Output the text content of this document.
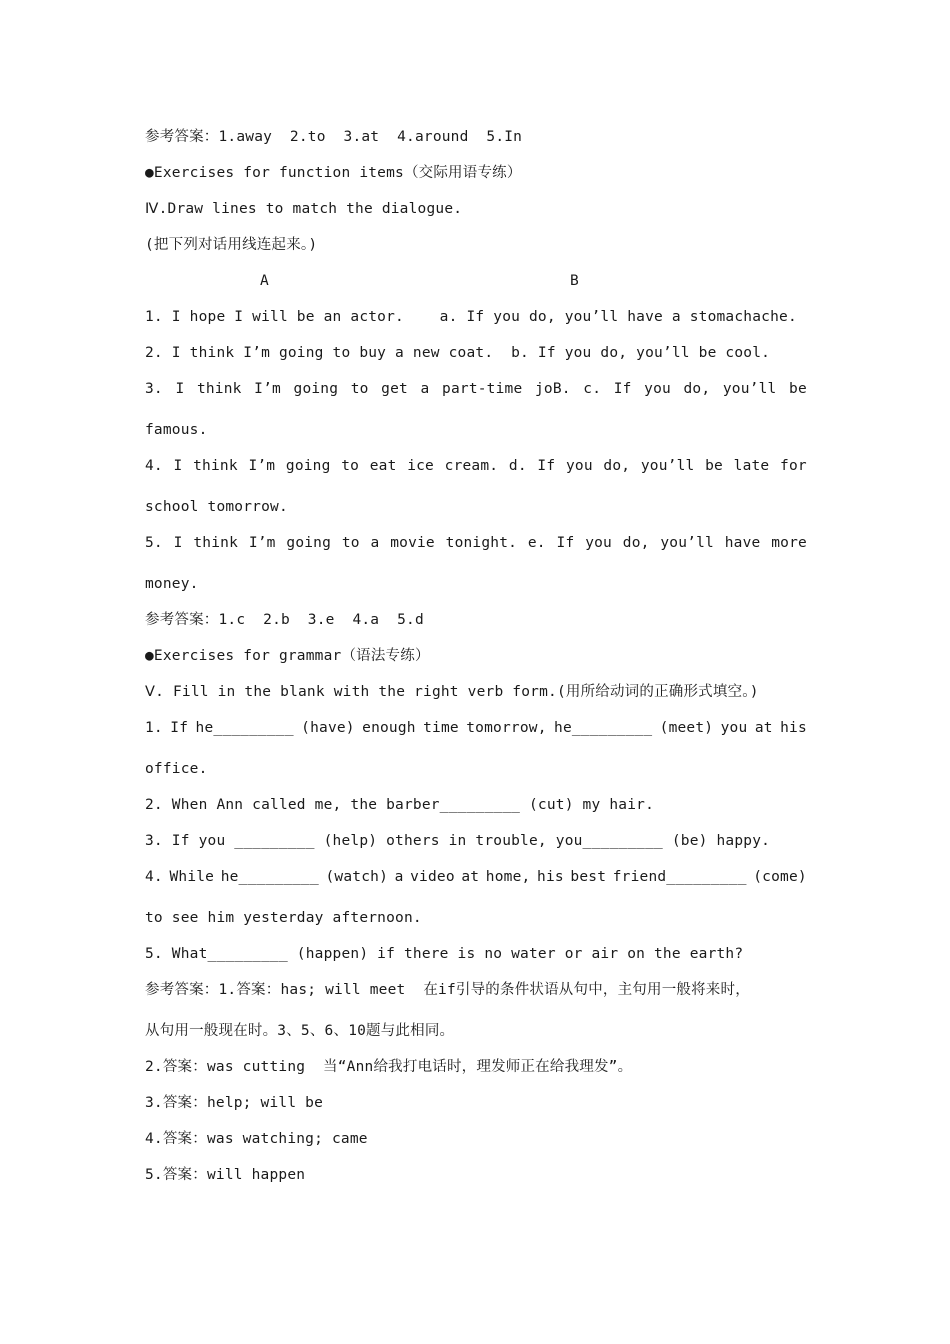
参考答案：1.away  2.to  3.at  4.around  5.In
●Exercises for function items（交际用语专练）
Ⅳ.Draw lines to match the dialogue.
(把下列对话用线连起来。)
A	B
1. I hope I will be an actor.    a. If you do, you’ll have a stomachache.
2. I think I’m going to buy a new coat.  b. If you do, you’ll be cool.
3. I think I’m going to get a part-time joB. c. If you do, you’ll be
famous.
4. I think I’m going to eat ice cream. d. If you do, you’ll be late for
school tomorrow.
5. I think I’m going to a movie tonight. e. If you do, you’ll have more
money.
参考答案：1.c  2.b  3.e  4.a  5.d
●Exercises for grammar（语法专练）
Ⅴ. Fill in the blank with the right verb form.(用所给动词的正确形式填空。)
1. If he_________ (have) enough time tomorrow, he_________ (meet) you at his
office.
2. When Ann called me, the barber_________ (cut) my hair.
3. If you _________ (help) others in trouble, you_________ (be) happy.
4. While he_________ (watch) a video at home, his best friend_________ (come)
to see him yesterday afternoon.
5. What_________ (happen) if there is no water or air on the earth?
参考答案：1.答案：has; will meet  在if引导的条件状语从句中，主句用一般将来时，
从句用一般现在时。3、5、6、10题与此相同。
2.答案：was cutting  当“Ann给我打电话时，理发师正在给我理发”。
3.答案：help; will be
4.答案：was watching; came
5.答案：will happen
